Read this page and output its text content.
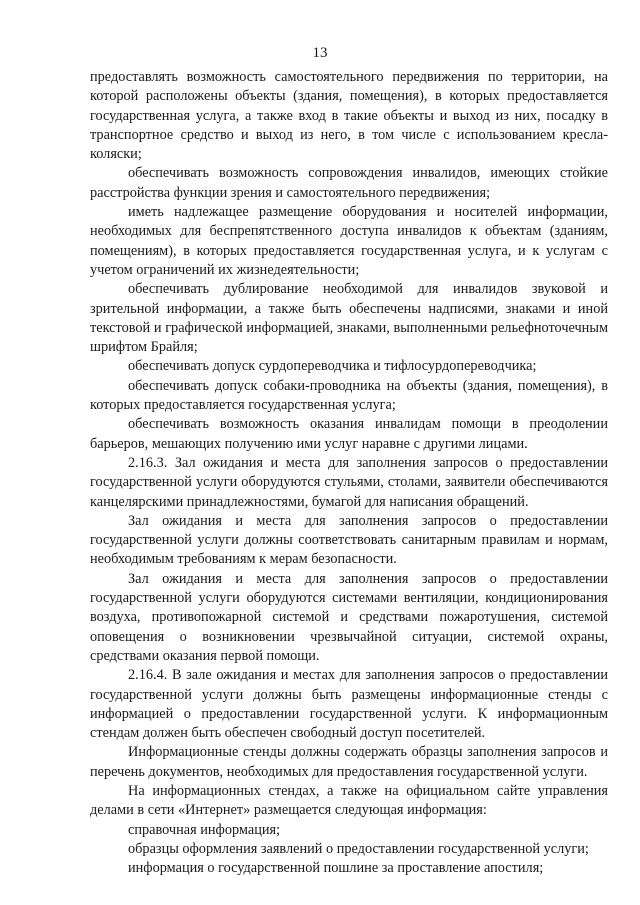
13

предоставлять возможность самостоятельного передвижения по территории, на которой расположены объекты (здания, помещения), в которых предоставляется государственная услуга, а также вход в такие объекты и выход из них, посадку в транспортное средство и выход из него, в том числе с использованием кресла-коляски;

обеспечивать возможность сопровождения инвалидов, имеющих стойкие расстройства функции зрения и самостоятельного передвижения;

иметь надлежащее размещение оборудования и носителей информации, необходимых для беспрепятственного доступа инвалидов к объектам (зданиям, помещениям), в которых предоставляется государственная услуга, и к услугам с учетом ограничений их жизнедеятельности;

обеспечивать дублирование необходимой для инвалидов звуковой и зрительной информации, а также быть обеспечены надписями, знаками и иной текстовой и графической информацией, знаками, выполненными рельефноточечным шрифтом Брайля;

обеспечивать допуск сурдопереводчика и тифлосурдопереводчика;

обеспечивать допуск собаки-проводника на объекты (здания, помещения), в которых предоставляется государственная услуга;

обеспечивать возможность оказания инвалидам помощи в преодолении барьеров, мешающих получению ими услуг наравне с другими лицами.

2.16.3. Зал ожидания и места для заполнения запросов о предоставлении государственной услуги оборудуются стульями, столами, заявители обеспечиваются канцелярскими принадлежностями, бумагой для написания обращений.

Зал ожидания и места для заполнения запросов о предоставлении государственной услуги должны соответствовать санитарным правилам и нормам, необходимым требованиям к мерам безопасности.

Зал ожидания и места для заполнения запросов о предоставлении государственной услуги оборудуются системами вентиляции, кондиционирования воздуха, противопожарной системой и средствами пожаротушения, системой оповещения о возникновении чрезвычайной ситуации, системой охраны, средствами оказания первой помощи.

2.16.4. В зале ожидания и местах для заполнения запросов о предоставлении государственной услуги должны быть размещены информационные стенды с информацией о предоставлении государственной услуги. К информационным стендам должен быть обеспечен свободный доступ посетителей.

Информационные стенды должны содержать образцы заполнения запросов и перечень документов, необходимых для предоставления государственной услуги.

На информационных стендах, а также на официальном сайте управления делами в сети «Интернет» размещается следующая информация:

справочная информация;

образцы оформления заявлений о предоставлении государственной услуги;

информация о государственной пошлине за проставление апостиля;
